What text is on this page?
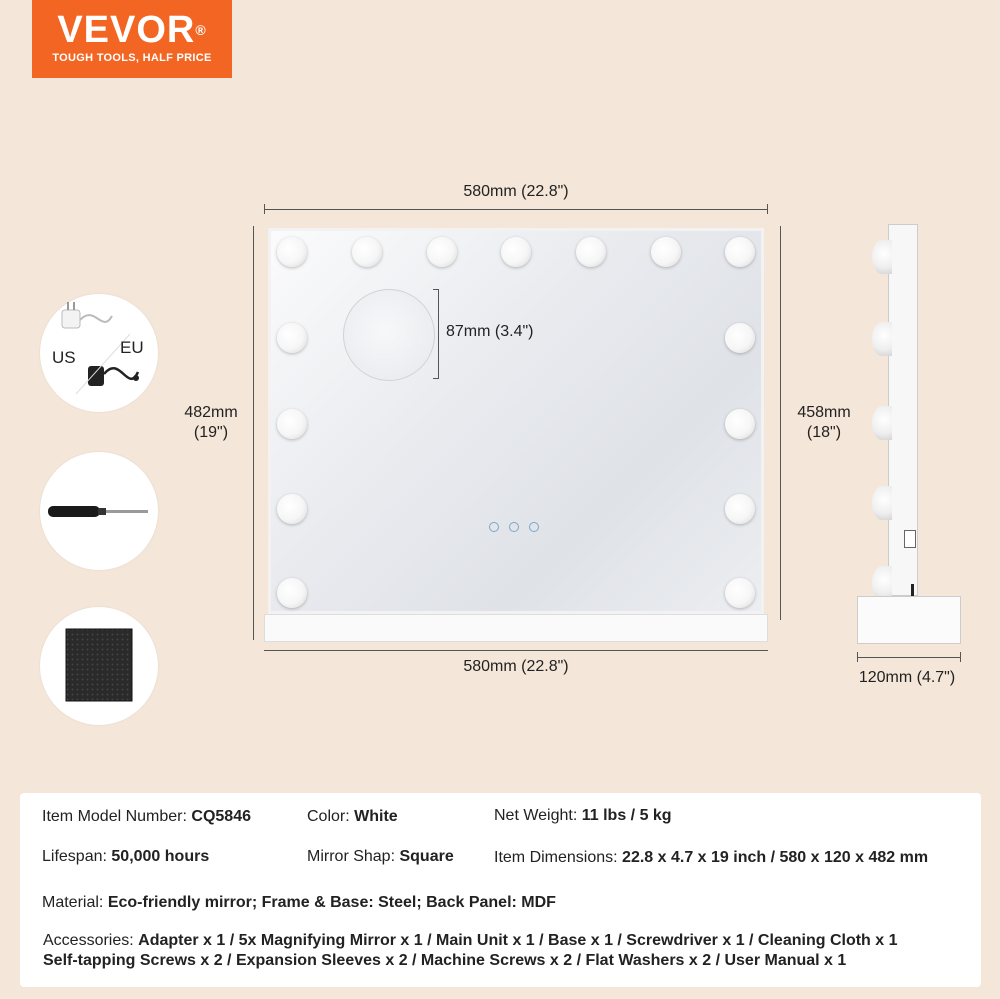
VEVOR®
TOUGH TOOLS, HALF PRICE
US
EU
580mm (22.8")
482mm
(19")
458mm
(18")
580mm (22.8")
87mm (3.4")
120mm (4.7")
Item Model Number: CQ5846	Color: White	Net Weight: 11 lbs / 5 kg
Lifespan: 50,000 hours	Mirror Shap: Square	Item Dimensions: 22.8 x 4.7 x 19 inch / 580 x 120 x 482 mm
Material: Eco-friendly mirror; Frame & Base: Steel; Back Panel: MDF
Accessories: Adapter x 1 / 5x Magnifying Mirror x 1 / Main Unit x 1 / Base x 1 / Screwdriver x 1 / Cleaning Cloth x 1
Self-tapping Screws x 2 / Expansion Sleeves x 2 / Machine Screws x 2 / Flat Washers x 2 / User Manual x 1
